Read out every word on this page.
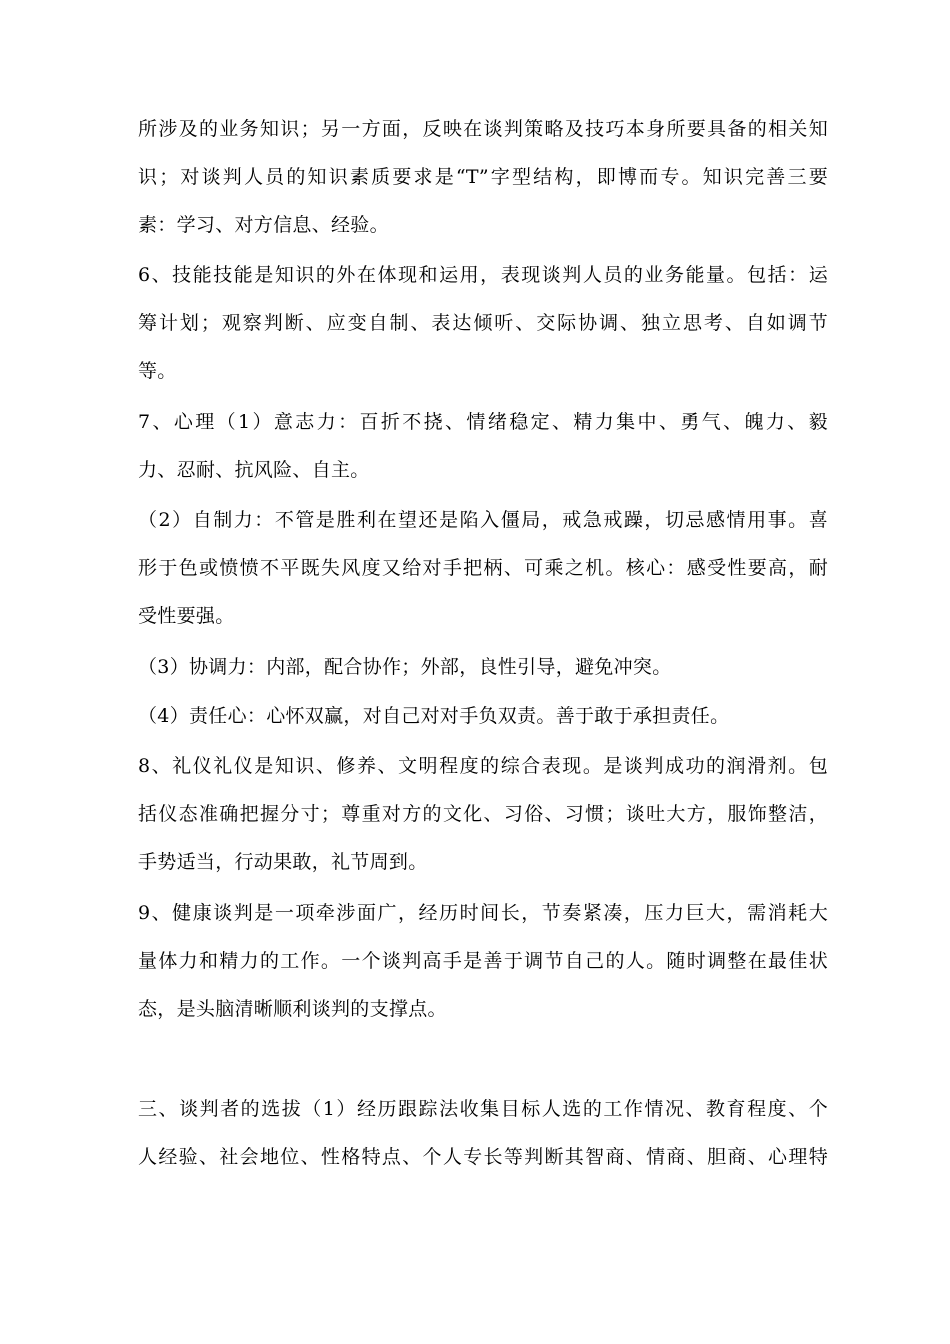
所涉及的业务知识；另一方面，反映在谈判策略及技巧本身所要具备的相关知
识；对谈判人员的知识素质要求是“T”字型结构，即博而专。知识完善三要
素：学习、对方信息、经验。
6、技能技能是知识的外在体现和运用，表现谈判人员的业务能量。包括：运
筹计划；观察判断、应变自制、表达倾听、交际协调、独立思考、自如调节
等。
7、心理（1）意志力：百折不挠、情绪稳定、精力集中、勇气、魄力、毅
力、忍耐、抗风险、自主。
（2）自制力：不管是胜利在望还是陷入僵局，戒急戒躁，切忌感情用事。喜
形于色或愤愤不平既失风度又给对手把柄、可乘之机。核心：感受性要高，耐
受性要强。
（3）协调力：内部，配合协作；外部，良性引导，避免冲突。
（4）责任心：心怀双赢，对自己对对手负双责。善于敢于承担责任。
8、礼仪礼仪是知识、修养、文明程度的综合表现。是谈判成功的润滑剂。包
括仪态准确把握分寸；尊重对方的文化、习俗、习惯；谈吐大方，服饰整洁，
手势适当，行动果敢，礼节周到。
9、健康谈判是一项牵涉面广，经历时间长，节奏紧凑，压力巨大，需消耗大
量体力和精力的工作。一个谈判高手是善于调节自己的人。随时调整在最佳状
态，是头脑清晰顺利谈判的支撑点。
三、谈判者的选拔（1）经历跟踪法收集目标人选的工作情况、教育程度、个
人经验、社会地位、性格特点、个人专长等判断其智商、情商、胆商、心理特
